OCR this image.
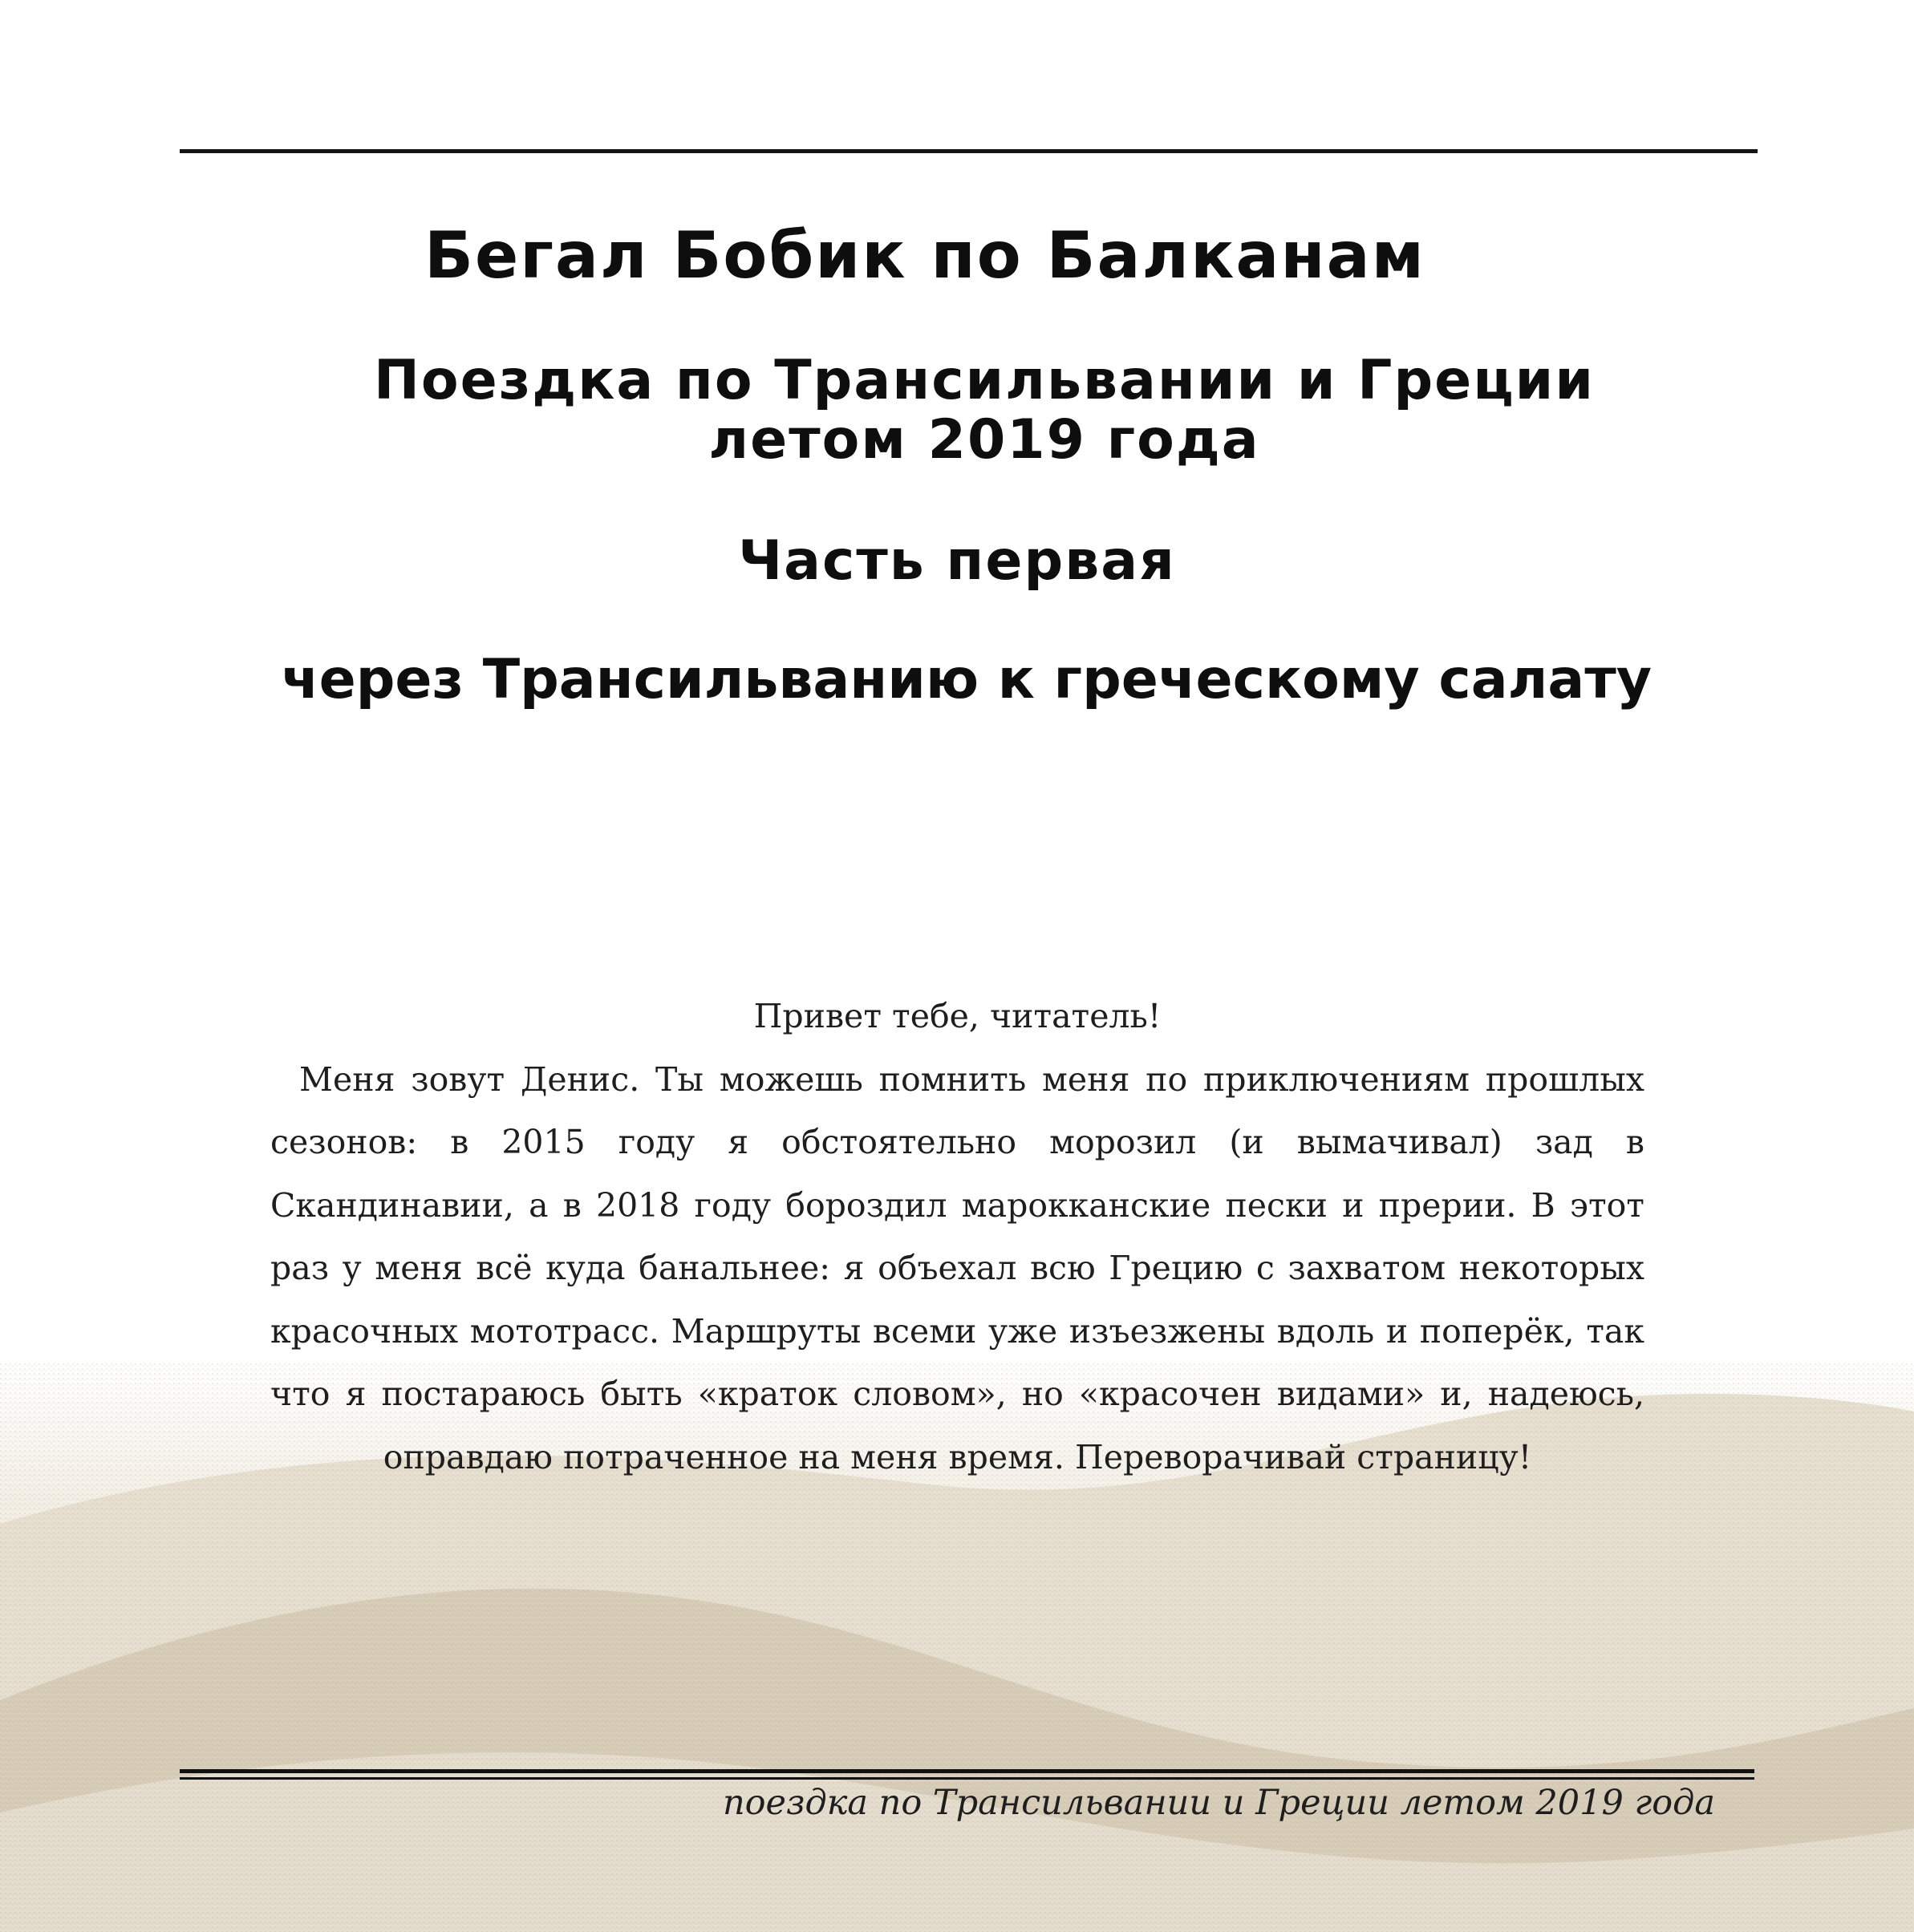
Бегал Бобик по Балканам
Поездка по Трансильвании и Греции
летом 2019 года
Часть первая
через Трансильванию к греческому салату

Привет тебе, читатель!

Меня зовут Денис. Ты можешь помнить меня по приключениям прошлых сезонов: в 2015 году я обстоятельно морозил (и вымачивал) зад в Скандинавии, а в 2018 году бороздил марокканские пески и прерии. В этот раз у меня всё куда банальнее: я объехал всю Грецию с захватом некоторых красочных мототрасс. Маршруты всеми уже изъезжены вдоль и поперёк, так что я постараюсь быть «краток словом», но «красочен видами» и, надеюсь, оправдаю потраченное на меня время. Переворачивай страницу!

поездка по Трансильвании и Греции летом 2019 года
